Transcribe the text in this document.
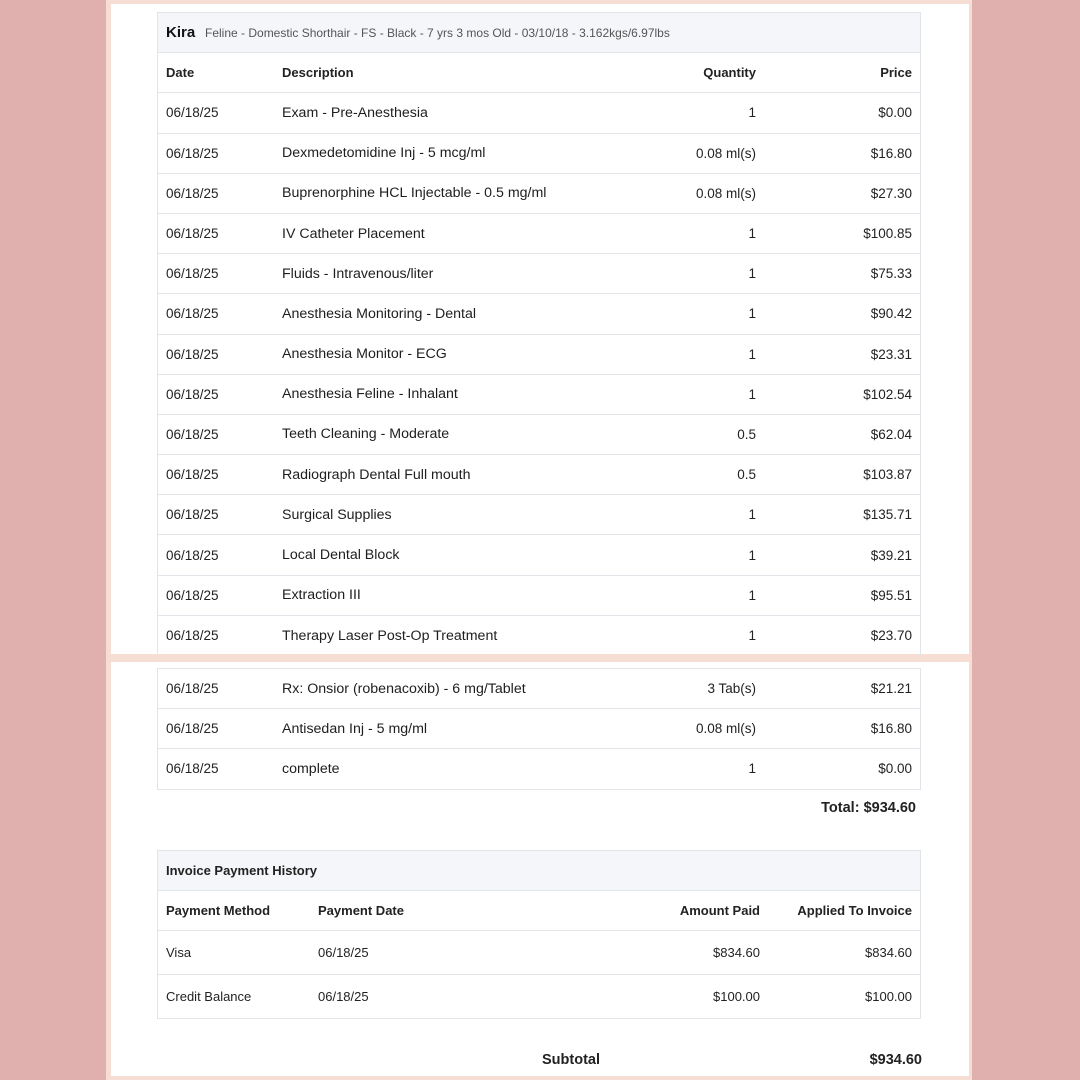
Kira Feline - Domestic Shorthair - FS - Black - 7 yrs 3 mos Old - 03/10/18 - 3.162kgs/6.97lbs
Date	Description	Quantity	Price
06/18/25	Exam - Pre-Anesthesia	1	$0.00
06/18/25	Dexmedetomidine Inj - 5 mcg/ml	0.08 ml(s)	$16.80
06/18/25	Buprenorphine HCL Injectable - 0.5 mg/ml	0.08 ml(s)	$27.30
06/18/25	IV Catheter Placement	1	$100.85
06/18/25	Fluids - Intravenous/liter	1	$75.33
06/18/25	Anesthesia Monitoring - Dental	1	$90.42
06/18/25	Anesthesia Monitor - ECG	1	$23.31
06/18/25	Anesthesia Feline - Inhalant	1	$102.54
06/18/25	Teeth Cleaning - Moderate	0.5	$62.04
06/18/25	Radiograph Dental Full mouth	0.5	$103.87
06/18/25	Surgical Supplies	1	$135.71
06/18/25	Local Dental Block	1	$39.21
06/18/25	Extraction III	1	$95.51
06/18/25	Therapy Laser Post-Op Treatment	1	$23.70
06/18/25	Rx: Onsior (robenacoxib) - 6 mg/Tablet	3 Tab(s)	$21.21
06/18/25	Antisedan Inj - 5 mg/ml	0.08 ml(s)	$16.80
06/18/25	complete	1	$0.00
Total: $934.60
Invoice Payment History
Payment Method	Payment Date	Amount Paid	Applied To Invoice
Visa	06/18/25	$834.60	$834.60
Credit Balance	06/18/25	$100.00	$100.00
Subtotal	$934.60
